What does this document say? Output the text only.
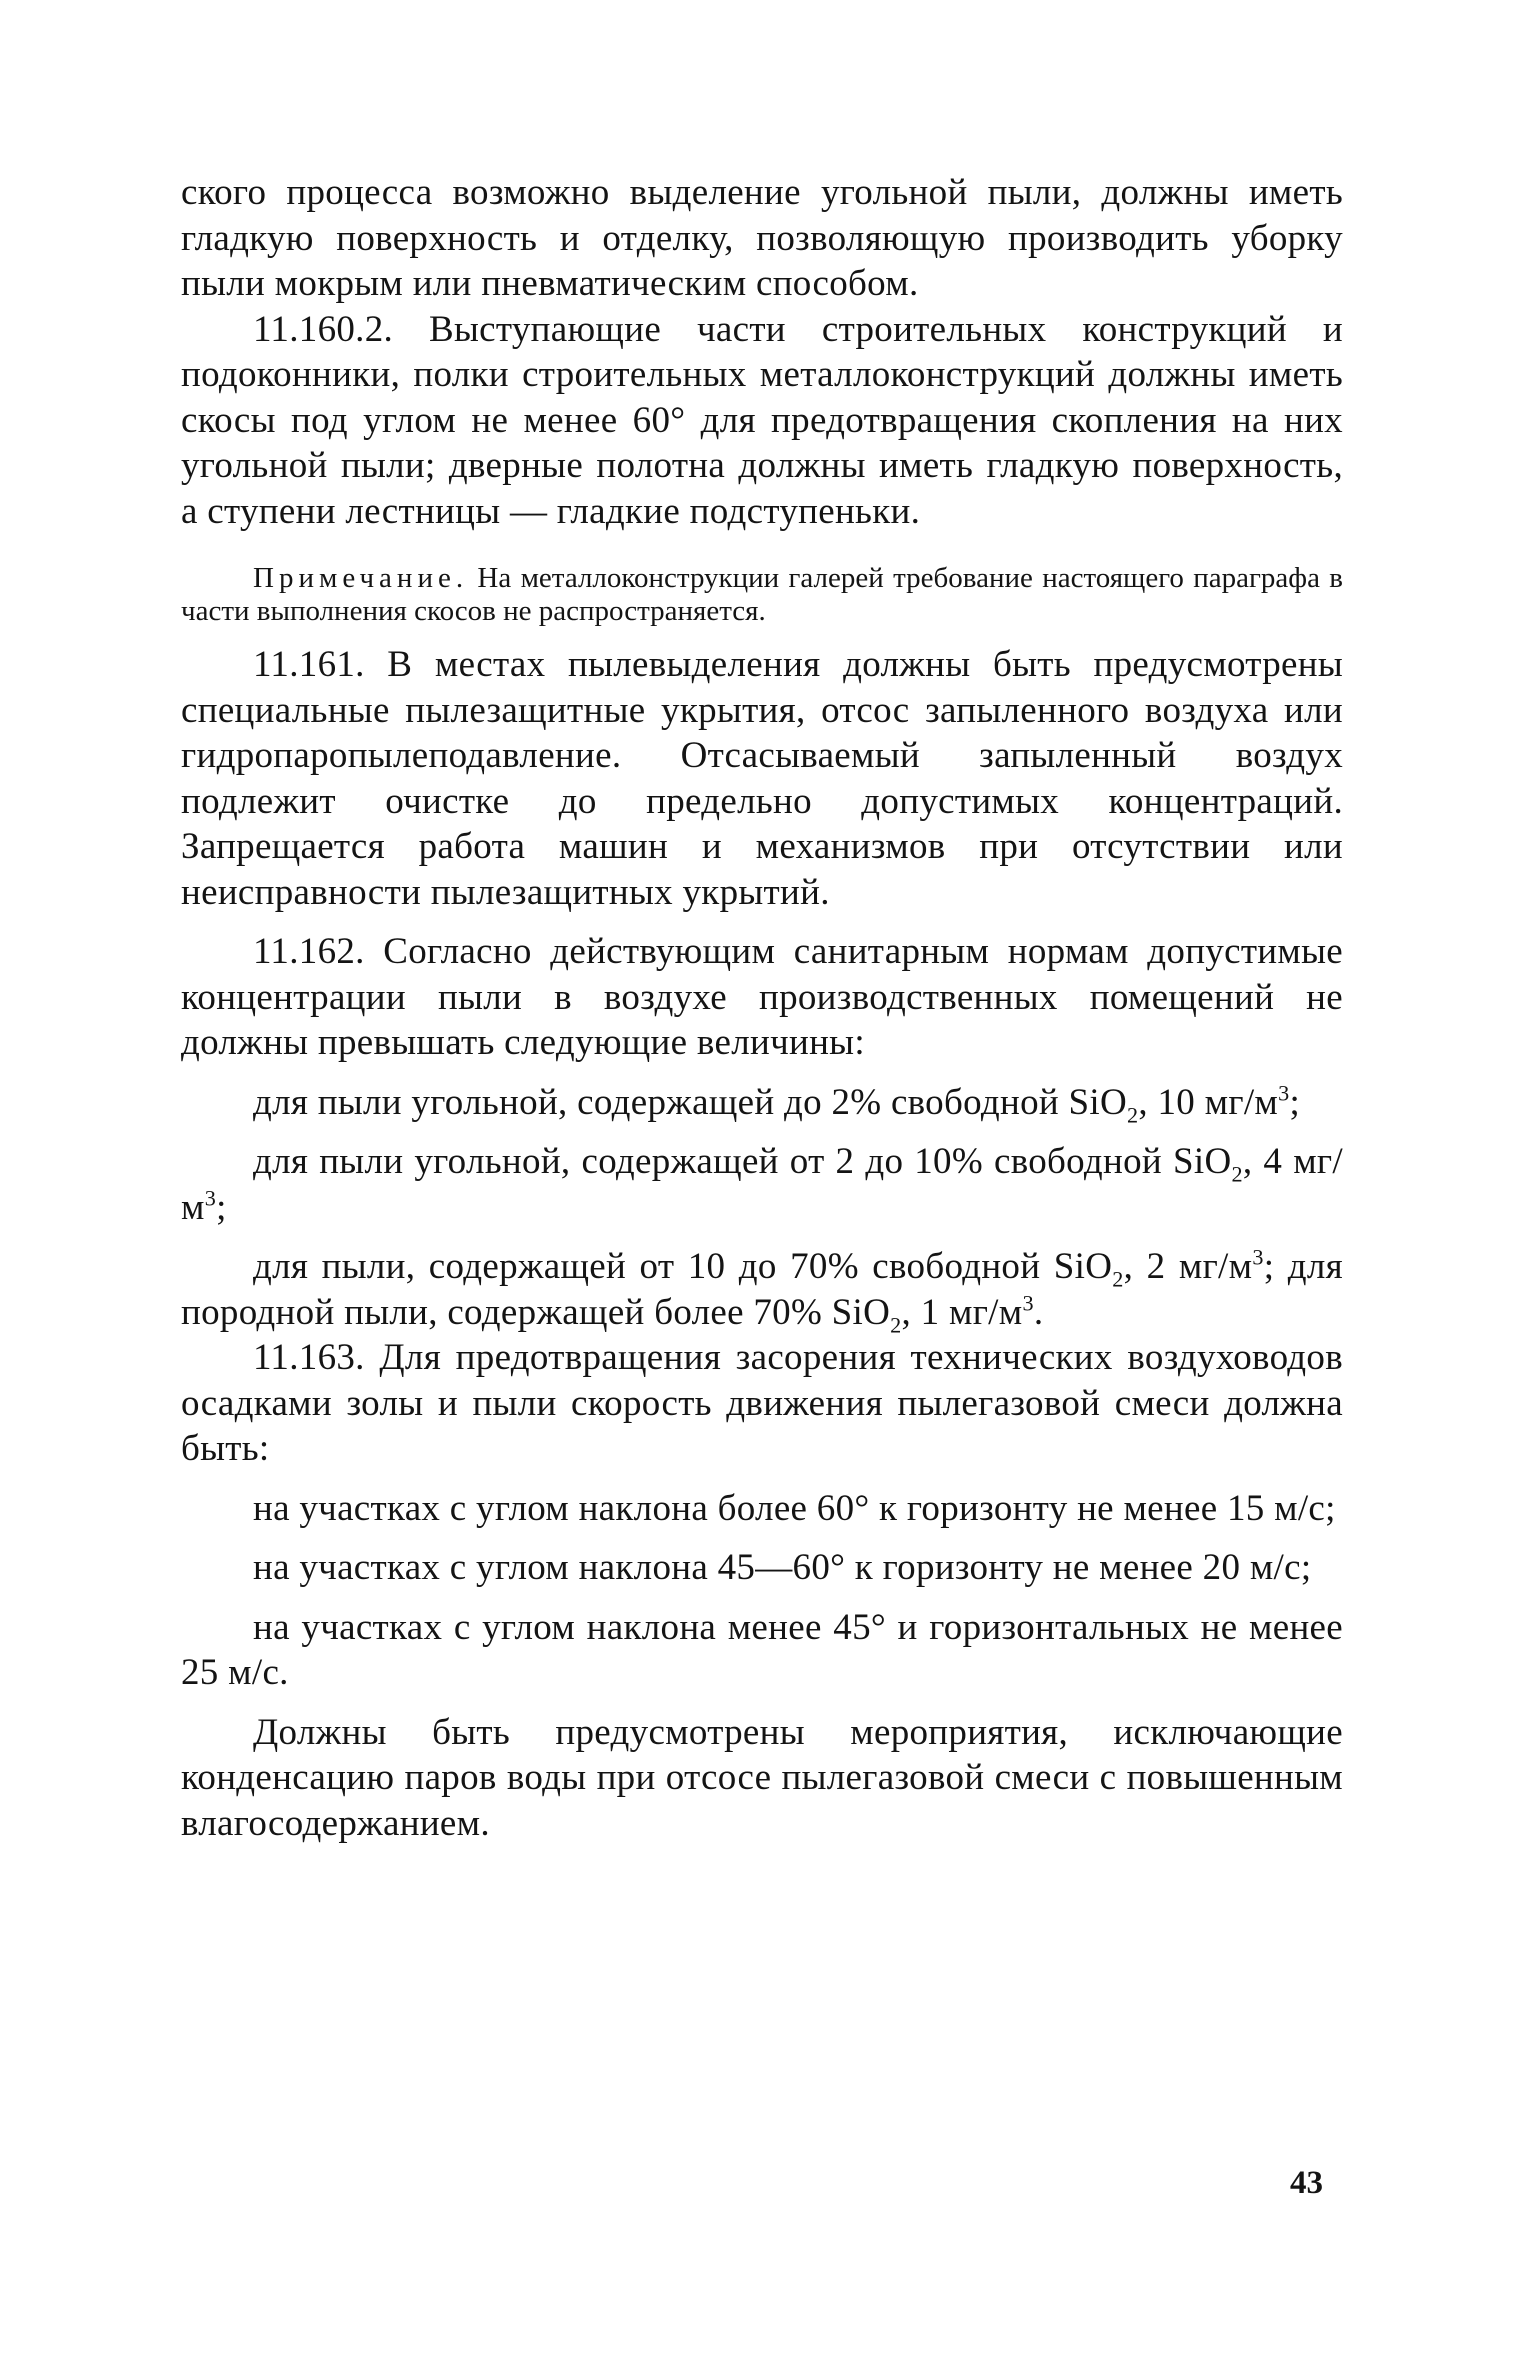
ского процесса возможно выделение угольной пыли, должны иметь гладкую поверхность и отделку, позволяющую производить уборку пыли мокрым или пневматическим способом.

11.160.2. Выступающие части строительных конструкций и подоконники, полки строительных металлоконструкций должны иметь скосы под углом не менее 60° для предотвращения скопления на них угольной пыли; дверные полотна должны иметь гладкую поверхность, а ступени лестницы — гладкие подступеньки.

Примечание. На металлоконструкции галерей требование настоящего параграфа в части выполнения скосов не распространяется.

11.161. В местах пылевыделения должны быть предусмотрены специальные пылезащитные укрытия, отсос запыленного воздуха или гидропаропылеподавление. Отсасываемый запыленный воздух подлежит очистке до предельно допустимых концентраций. Запрещается работа машин и механизмов при отсутствии или неисправности пылезащитных укрытий.

11.162. Согласно действующим санитарным нормам допустимые концентрации пыли в воздухе производственных помещений не должны превышать следующие величины:

для пыли угольной, содержащей до 2% свободной SiO$_2$, 10 $мг/м^3$;

для пыли угольной, содержащей от 2 до 10% свободной SiO$_2$, 4 $мг/м^3$;

для пыли, содержащей от 10 до 70% свободной SiO$_2$, 2 $мг/м^3$; для породной пыли, содержащей более 70% SiO$_2$, 1 $мг/м^3$.

11.163. Для предотвращения засорения технических воздуховодов осадками золы и пыли скорость движения пылегазовой смеси должна быть:

на участках с углом наклона более 60° к горизонту не менее 15 м/с;

на участках с углом наклона 45—60° к горизонту не менее 20 м/с;

на участках с углом наклона менее 45° и горизонтальных не менее 25 м/с.

Должны быть предусмотрены мероприятия, исключающие конденсацию паров воды при отсосе пылегазовой смеси с повышенным влагосодержанием.

43
